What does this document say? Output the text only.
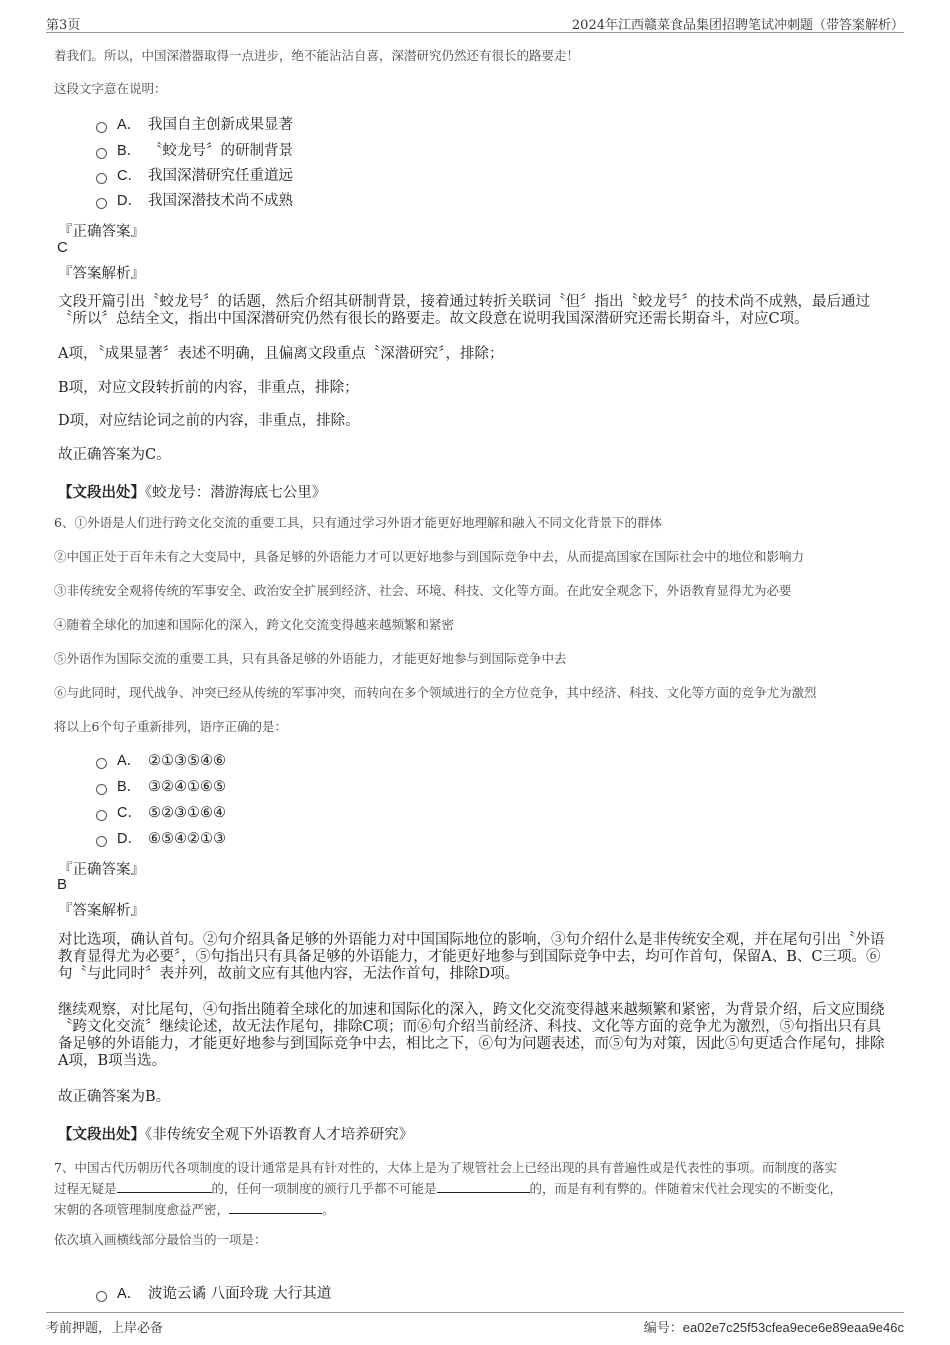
第3页	2024年江西赣菜食品集团招聘笔试冲刺题（带答案解析）
着我们。所以，中国深潜器取得一点进步，绝不能沾沾自喜，深潜研究仍然还有很长的路要走！
这段文字意在说明：
A． 我国自主创新成果显著
B． 〝蛟龙号〞的研制背景
C． 我国深潜研究任重道远
D． 我国深潜技术尚不成熟
『正确答案』
C
『答案解析』
文段开篇引出〝蛟龙号〞的话题，然后介绍其研制背景，接着通过转折关联词〝但〞指出〝蛟龙号〞的技术尚不成熟，最后通过〝所以〞总结全文，指出中国深潜研究仍然有很长的路要走。故文段意在说明我国深潜研究还需长期奋斗，对应C项。
A项，〝成果显著〞表述不明确，且偏离文段重点〝深潜研究〞，排除；
B项，对应文段转折前的内容，非重点，排除；
D项，对应结论词之前的内容，非重点，排除。
故正确答案为C。
【文段出处】《蛟龙号：潜游海底七公里》
6、①外语是人们进行跨文化交流的重要工具，只有通过学习外语才能更好地理解和融入不同文化背景下的群体
②中国正处于百年未有之大变局中，具备足够的外语能力才可以更好地参与到国际竞争中去，从而提高国家在国际社会中的地位和影响力
③非传统安全观将传统的军事安全、政治安全扩展到经济、社会、环境、科技、文化等方面。在此安全观念下，外语教育显得尤为必要
④随着全球化的加速和国际化的深入，跨文化交流变得越来越频繁和紧密
⑤外语作为国际交流的重要工具，只有具备足够的外语能力，才能更好地参与到国际竞争中去
⑥与此同时，现代战争、冲突已经从传统的军事冲突，而转向在多个领域进行的全方位竞争，其中经济、科技、文化等方面的竞争尤为激烈
将以上6个句子重新排列，语序正确的是：
A． ②①③⑤④⑥
B． ③②④①⑥⑤
C． ⑤②③①⑥④
D． ⑥⑤④②①③
『正确答案』
B
『答案解析』
对比选项，确认首句。②句介绍具备足够的外语能力对中国国际地位的影响，③句介绍什么是非传统安全观，并在尾句引出〝外语教育显得尤为必要〞，⑤句指出只有具备足够的外语能力，才能更好地参与到国际竞争中去，均可作首句，保留A、B、C三项。⑥句〝与此同时〞表并列，故前文应有其他内容，无法作首句，排除D项。
继续观察，对比尾句，④句指出随着全球化的加速和国际化的深入，跨文化交流变得越来越频繁和紧密，为背景介绍，后文应围绕〝跨文化交流〞继续论述，故无法作尾句，排除C项；而⑥句介绍当前经济、科技、文化等方面的竞争尤为激烈，⑤句指出只有具备足够的外语能力，才能更好地参与到国际竞争中去，相比之下，⑥句为问题表述，而⑤句为对策，因此⑤句更适合作尾句，排除A项，B项当选。
故正确答案为B。
【文段出处】《非传统安全观下外语教育人才培养研究》
7、中国古代历朝历代各项制度的设计通常是具有针对性的，大体上是为了规管社会上已经出现的具有普遍性或是代表性的事项。而制度的落实
过程无疑是	的，任何一项制度的颁行几乎都不可能是	的，而是有利有弊的。伴随着宋代社会现实的不断变化，
宋朝的各项管理制度愈益严密，	。
依次填入画横线部分最恰当的一项是：
A． 波诡云谲 八面玲珑 大行其道
考前押题，上岸必备	编号：ea02e7c25f53cfea9ece6e89eaa9e46c
